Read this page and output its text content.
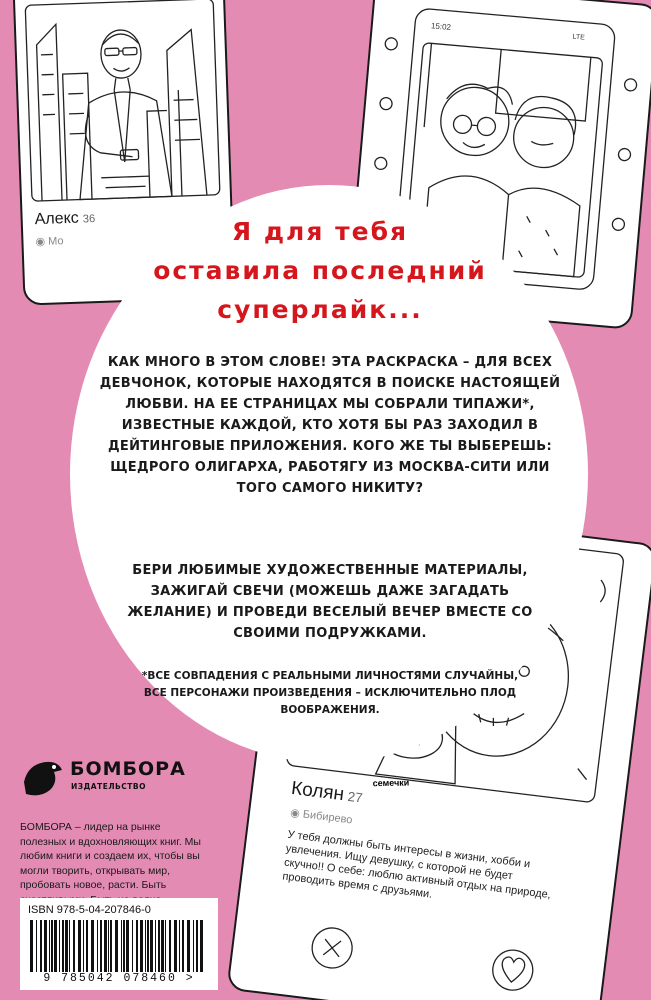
Алекс 36
◉ Мо
15:02
LTE
семечки
Колян 27
◉ Бибирево
У тебя должны быть интересы в жизни, хобби и увлечения. Ищу девушку, с которой не будет скучно!! О себе: люблю активный отдых на природе, проводить время с друзьями.
Я для тебя
оставила последний
суперлайк...

КАК МНОГО В ЭТОМ СЛОВЕ! ЭТА РАСКРАСКА – ДЛЯ ВСЕХ ДЕВЧОНОК, КОТОРЫЕ НАХОДЯТСЯ В ПОИСКЕ НАСТОЯЩЕЙ ЛЮБВИ. НА ЕЕ СТРАНИЦАХ МЫ СОБРАЛИ ТИПАЖИ*, ИЗВЕСТНЫЕ КАЖДОЙ, КТО ХОТЯ БЫ РАЗ ЗАХОДИЛ В ДЕЙТИНГОВЫЕ ПРИЛОЖЕНИЯ. КОГО ЖЕ ТЫ ВЫБЕРЕШЬ: ЩЕДРОГО ОЛИГАРХА, РАБОТЯГУ ИЗ МОСКВА-СИТИ ИЛИ ТОГО САМОГО НИКИТУ?

БЕРИ ЛЮБИМЫЕ ХУДОЖЕСТВЕННЫЕ МАТЕРИАЛЫ, ЗАЖИГАЙ СВЕЧИ (МОЖЕШЬ ДАЖЕ ЗАГАДАТЬ ЖЕЛАНИЕ) И ПРОВЕДИ ВЕСЕЛЫЙ ВЕЧЕР ВМЕСТЕ СО СВОИМИ ПОДРУЖКАМИ.

*ВСЕ СОВПАДЕНИЯ С РЕАЛЬНЫМИ ЛИЧНОСТЯМИ СЛУЧАЙНЫ, ВСЕ ПЕРСОНАЖИ ПРОИЗВЕДЕНИЯ – ИСКЛЮЧИТЕЛЬНО ПЛОД ВООБРАЖЕНИЯ.

БОМБОРА
ИЗДАТЕЛЬСТВО

БОМБОРА – лидер на рынке полезных и вдохновляющих книг. Мы любим книги и создаем их, чтобы вы могли творить, открывать мир, пробовать новое, расти. Быть

ISBN 978-5-04-207846-0

9 785042 078460 >
